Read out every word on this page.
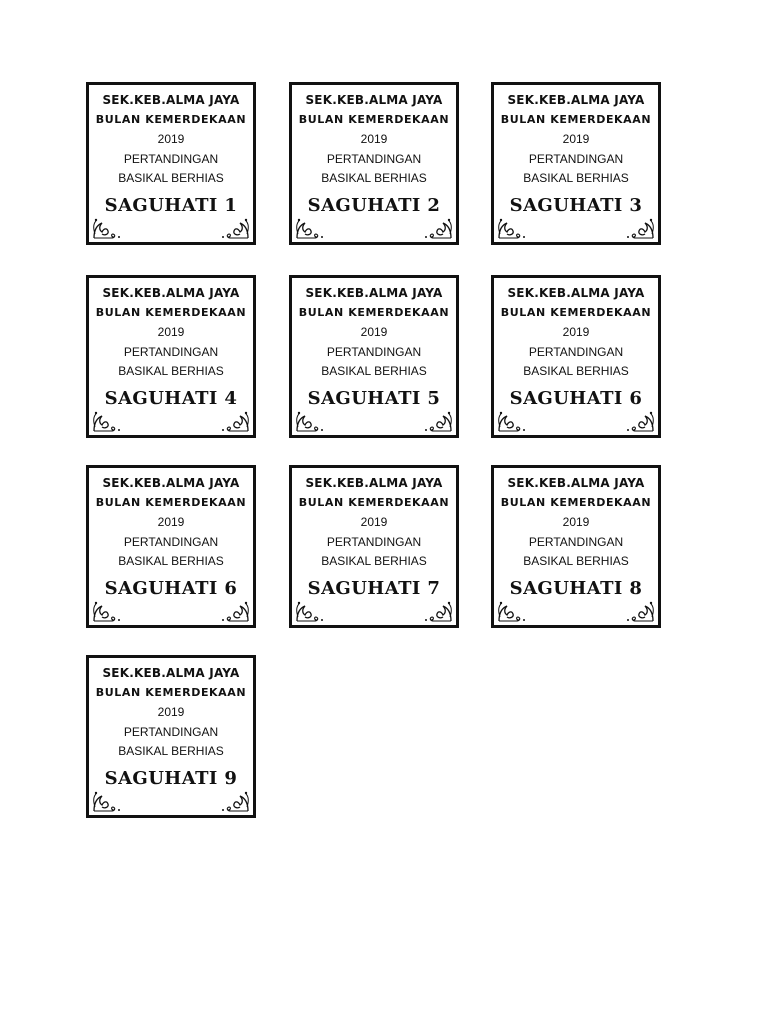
SEK.KEB.ALMA JAYA
BULAN KEMERDEKAAN
2019
PERTANDINGAN
BASIKAL BERHIAS
SAGUHATI 1
SEK.KEB.ALMA JAYA
BULAN KEMERDEKAAN
2019
PERTANDINGAN
BASIKAL BERHIAS
SAGUHATI 2
SEK.KEB.ALMA JAYA
BULAN KEMERDEKAAN
2019
PERTANDINGAN
BASIKAL BERHIAS
SAGUHATI 3
SEK.KEB.ALMA JAYA
BULAN KEMERDEKAAN
2019
PERTANDINGAN
BASIKAL BERHIAS
SAGUHATI 4
SEK.KEB.ALMA JAYA
BULAN KEMERDEKAAN
2019
PERTANDINGAN
BASIKAL BERHIAS
SAGUHATI 5
SEK.KEB.ALMA JAYA
BULAN KEMERDEKAAN
2019
PERTANDINGAN
BASIKAL BERHIAS
SAGUHATI 6
SEK.KEB.ALMA JAYA
BULAN KEMERDEKAAN
2019
PERTANDINGAN
BASIKAL BERHIAS
SAGUHATI 6
SEK.KEB.ALMA JAYA
BULAN KEMERDEKAAN
2019
PERTANDINGAN
BASIKAL BERHIAS
SAGUHATI 7
SEK.KEB.ALMA JAYA
BULAN KEMERDEKAAN
2019
PERTANDINGAN
BASIKAL BERHIAS
SAGUHATI 8
SEK.KEB.ALMA JAYA
BULAN KEMERDEKAAN
2019
PERTANDINGAN
BASIKAL BERHIAS
SAGUHATI 9
